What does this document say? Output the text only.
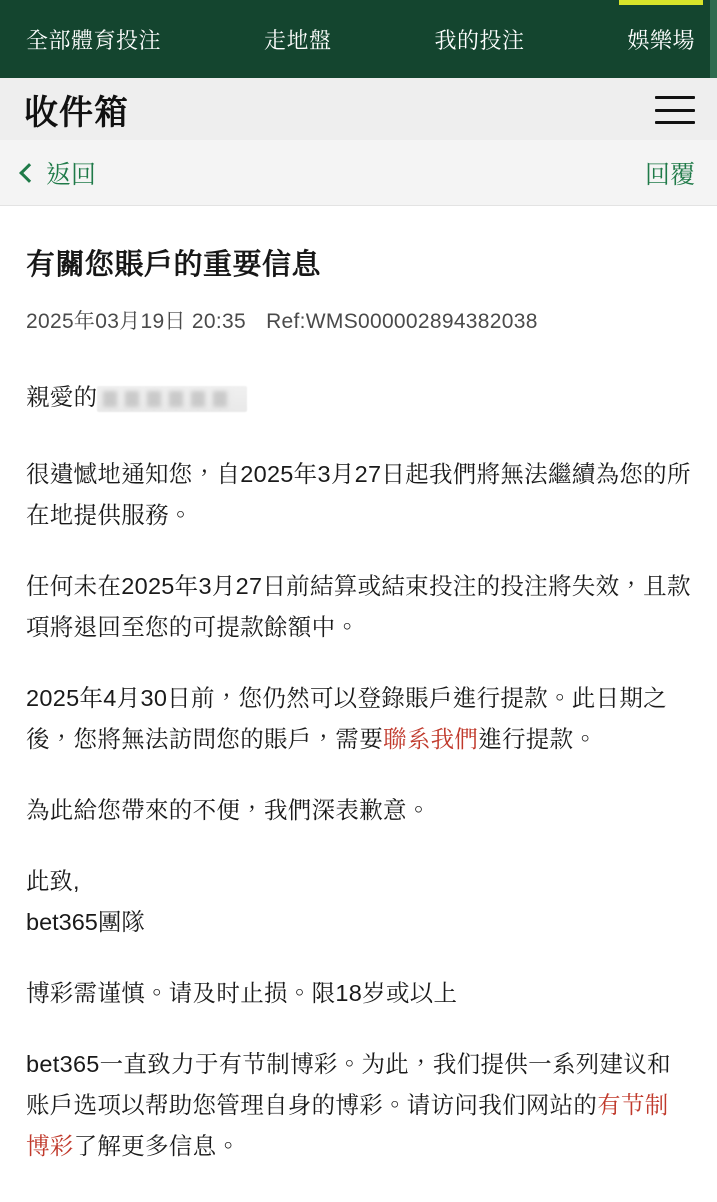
全部體育投注	走地盤	我的投注	娛樂場
收件箱
返回	回覆
有關您賬戶的重要信息
2025年03月19日 20:35 Ref:WMS000002894382038

親愛的

很遺憾地通知您，自2025年3月27日起我們將無法繼續為您的所在地提供服務。

任何未在2025年3月27日前結算或結束投注的投注將失效，且款項將退回至您的可提款餘額中。

2025年4月30日前，您仍然可以登錄賬戶進行提款。此日期之後，您將無法訪問您的賬戶，需要聯系我們進行提款。

為此給您帶來的不便，我們深表歉意。

此致,
bet365團隊

博彩需谨慎。请及时止损。限18岁或以上

bet365一直致力于有节制博彩。为此，我们提供一系列建议和账户选项以帮助您管理自身的博彩。请访问我们网站的有节制博彩了解更多信息。
